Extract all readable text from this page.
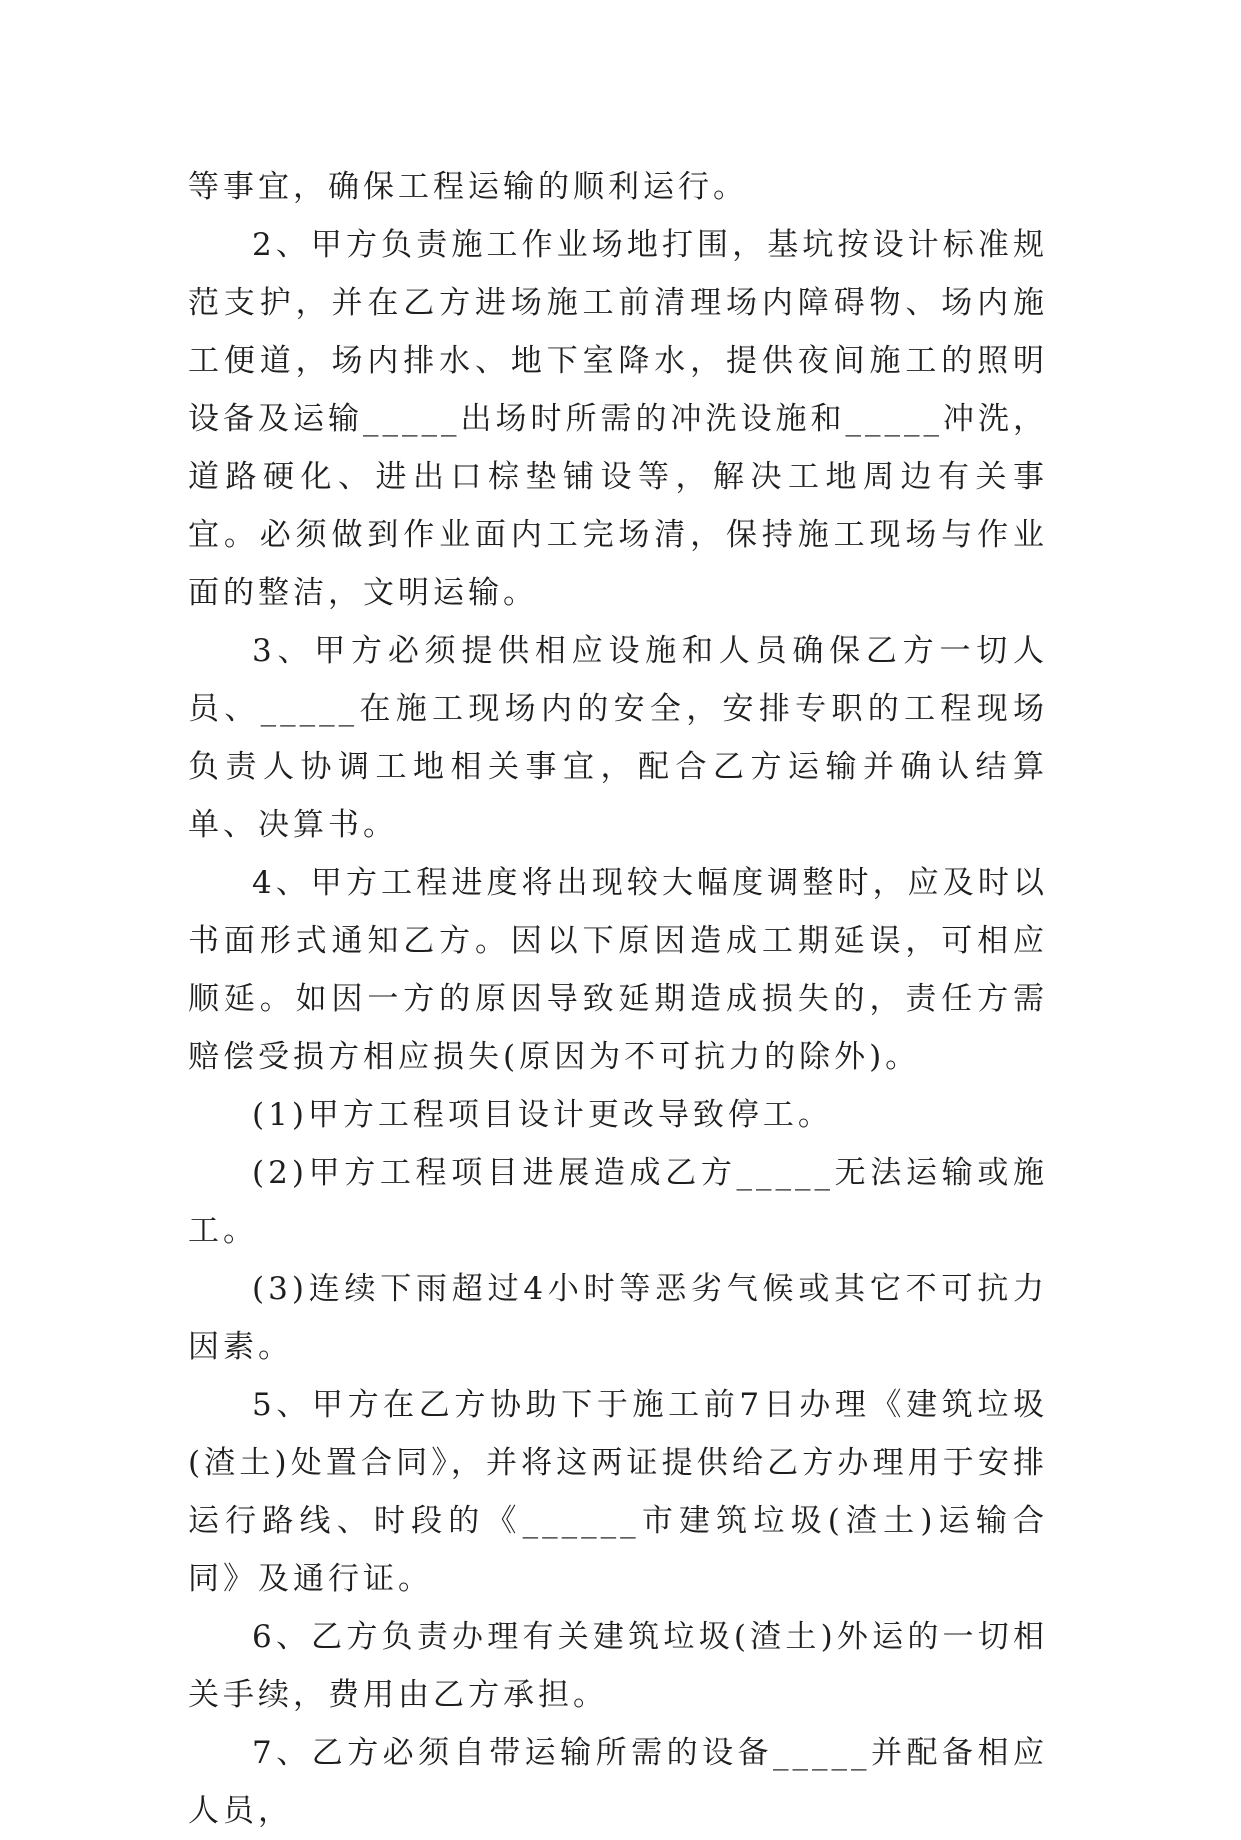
等事宜，确保工程运输的顺利运行。

2、甲方负责施工作业场地打围，基坑按设计标准规范支护，并在乙方进场施工前清理场内障碍物、场内施工便道，场内排水、地下室降水，提供夜间施工的照明设备及运输_____出场时所需的冲洗设施和_____冲洗，道路硬化、进出口棕垫铺设等，解决工地周边有关事宜。必须做到作业面内工完场清，保持施工现场与作业面的整洁，文明运输。

3、甲方必须提供相应设施和人员确保乙方一切人员、_____在施工现场内的安全，安排专职的工程现场负责人协调工地相关事宜，配合乙方运输并确认结算单、决算书。

4、甲方工程进度将出现较大幅度调整时，应及时以书面形式通知乙方。因以下原因造成工期延误，可相应顺延。如因一方的原因导致延期造成损失的，责任方需赔偿受损方相应损失(原因为不可抗力的除外)。

(1)甲方工程项目设计更改导致停工。

(2)甲方工程项目进展造成乙方_____无法运输或施工。

(3)连续下雨超过4小时等恶劣气候或其它不可抗力因素。

5、甲方在乙方协助下于施工前7日办理《建筑垃圾(渣土)处置合同》，并将这两证提供给乙方办理用于安排运行路线、时段的《______市建筑垃圾(渣土)运输合同》及通行证。

6、乙方负责办理有关建筑垃圾(渣土)外运的一切相关手续，费用由乙方承担。

7、乙方必须自带运输所需的设备_____并配备相应人员，
